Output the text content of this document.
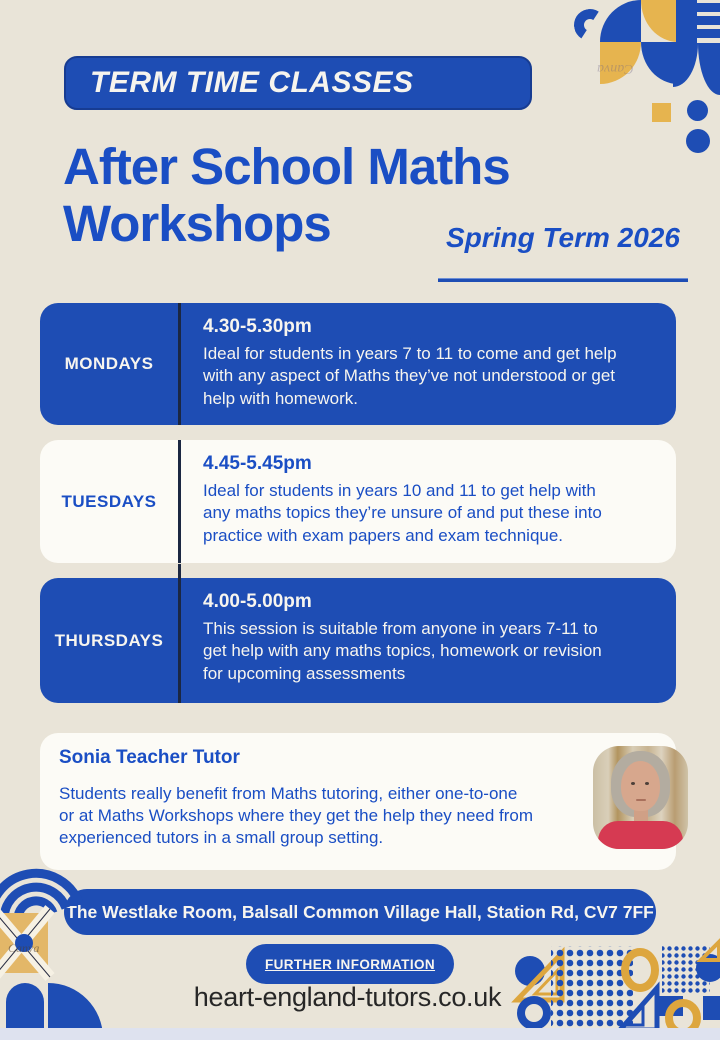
Canva
TERM TIME CLASSES
After School Maths
Workshops	Spring Term 2026
MONDAYS
4.30-5.30pm
Ideal for students in years 7 to 11 to come and get help with any aspect of Maths they’ve not understood or get help with homework.
TUESDAYS
4.45-5.45pm
Ideal for students in years 10 and 11 to get help with any maths topics they’re unsure of and put these into practice with exam papers and exam technique.
THURSDAYS
4.00-5.00pm
This session is suitable from anyone in years 7-11 to get help with any maths topics, homework or revision for upcoming assessments
Sonia Teacher Tutor
Students really benefit from Maths tutoring, either one-to-one or at Maths Workshops where they get the help they need from experienced tutors in a small group setting.
The Westlake Room, Balsall Common Village Hall, Station Rd, CV7 7FF
FURTHER INFORMATION
heart-england-tutors.co.uk
Canva
